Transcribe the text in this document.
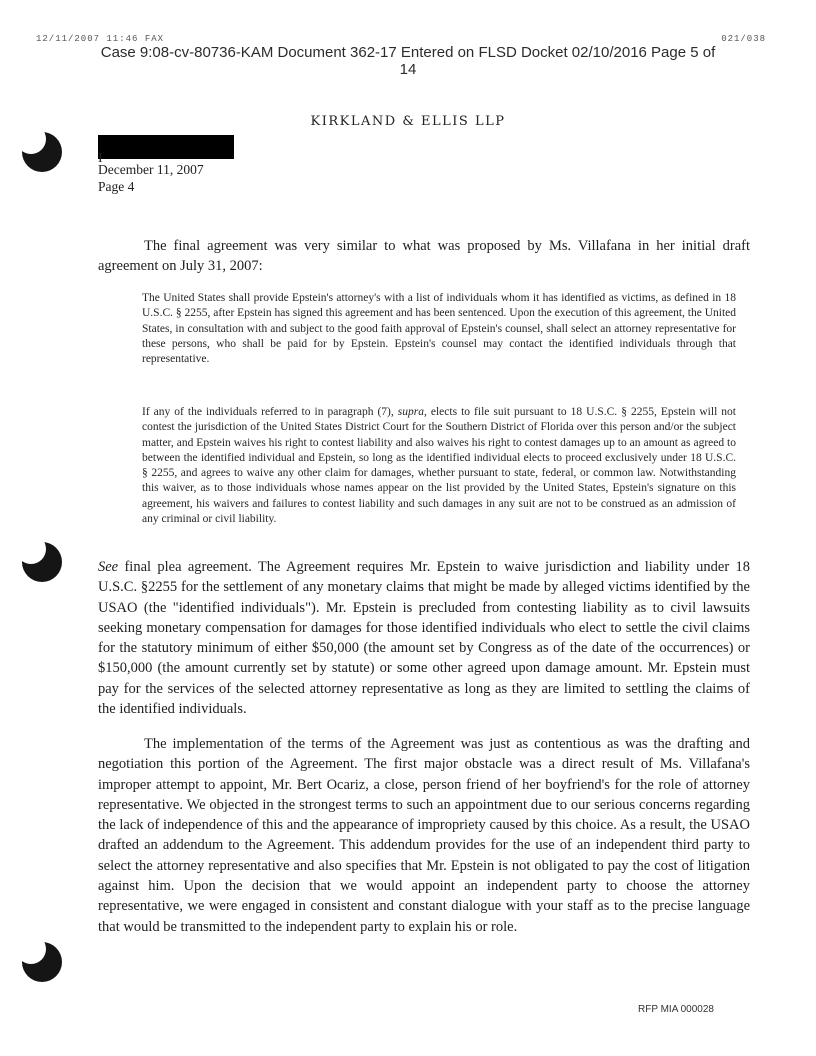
12/11/2007 11:46 FAX	021/038
Case 9:08-cv-80736-KAM Document 362-17 Entered on FLSD Docket 02/10/2016 Page 5 of
14
KIRKLAND & ELLIS LLP
I
December 11, 2007
Page 4

The final agreement was very similar to what was proposed by Ms. Villafana in her initial draft agreement on July 31, 2007:

The United States shall provide Epstein's attorney's with a list of individuals whom it has identified as victims, as defined in 18 U.S.C. § 2255, after Epstein has signed this agreement and has been sentenced. Upon the execution of this agreement, the United States, in consultation with and subject to the good faith approval of Epstein's counsel, shall select an attorney representative for these persons, who shall be paid for by Epstein. Epstein's counsel may contact the identified individuals through that representative.

If any of the individuals referred to in paragraph (7), supra, elects to file suit pursuant to 18 U.S.C. § 2255, Epstein will not contest the jurisdiction of the United States District Court for the Southern District of Florida over this person and/or the subject matter, and Epstein waives his right to contest liability and also waives his right to contest damages up to an amount as agreed to between the identified individual and Epstein, so long as the identified individual elects to proceed exclusively under 18 U.S.C. § 2255, and agrees to waive any other claim for damages, whether pursuant to state, federal, or common law. Notwithstanding this waiver, as to those individuals whose names appear on the list provided by the United States, Epstein's signature on this agreement, his waivers and failures to contest liability and such damages in any suit are not to be construed as an admission of any criminal or civil liability.

See final plea agreement. The Agreement requires Mr. Epstein to waive jurisdiction and liability under 18 U.S.C. §2255 for the settlement of any monetary claims that might be made by alleged victims identified by the USAO (the "identified individuals"). Mr. Epstein is precluded from contesting liability as to civil lawsuits seeking monetary compensation for damages for those identified individuals who elect to settle the civil claims for the statutory minimum of either $50,000 (the amount set by Congress as of the date of the occurrences) or $150,000 (the amount currently set by statute) or some other agreed upon damage amount. Mr. Epstein must pay for the services of the selected attorney representative as long as they are limited to settling the claims of the identified individuals.

The implementation of the terms of the Agreement was just as contentious as was the drafting and negotiation this portion of the Agreement. The first major obstacle was a direct result of Ms. Villafana's improper attempt to appoint, Mr. Bert Ocariz, a close, person friend of her boyfriend's for the role of attorney representative. We objected in the strongest terms to such an appointment due to our serious concerns regarding the lack of independence of this and the appearance of impropriety caused by this choice. As a result, the USAO drafted an addendum to the Agreement. This addendum provides for the use of an independent third party to select the attorney representative and also specifies that Mr. Epstein is not obligated to pay the cost of litigation against him. Upon the decision that we would appoint an independent party to choose the attorney representative, we were engaged in consistent and constant dialogue with your staff as to the precise language that would be transmitted to the independent party to explain his or role.

RFP MIA 000028
